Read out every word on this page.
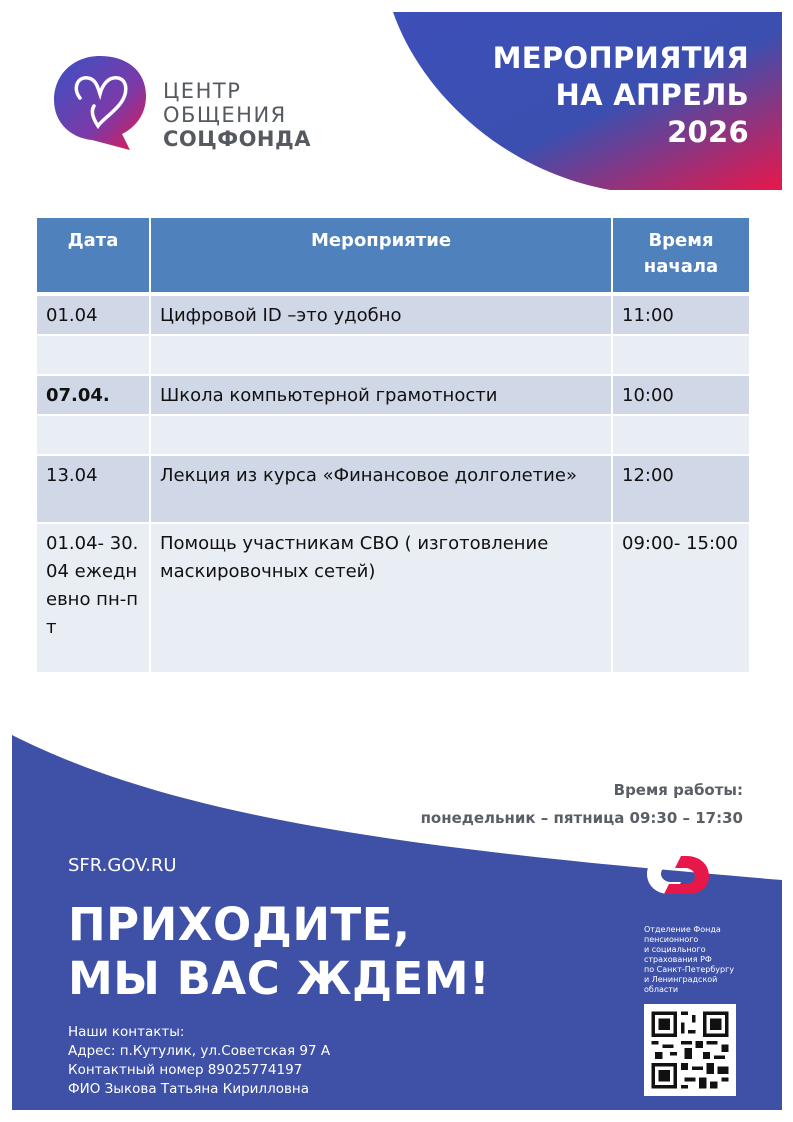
МЕРОПРИЯТИЯ
НА АПРЕЛЬ
2026
ЦЕНТР
ОБЩЕНИЯ
СОЦФОНДА
Дата	Мероприятие	Время начала
01.04	Цифровой ID –это удобно	11:00

07.04.	Школа компьютерной грамотности	10:00

13.04	Лекция из курса «Финансовое долголетие»	12:00
01.04- 30.04 ежедневно пн-пт	Помощь участникам СВО ( изготовление маскировочных сетей)	09:00- 15:00
Время работы:
понедельник – пятница 09:30 – 17:30
SFR.GOV.RU
ПРИХОДИТЕ,
МЫ ВАС ЖДЕМ!
Наши контакты:
Адрес: п.Кутулик, ул.Советская 97 А
Контактный номер 89025774197
ФИО Зыкова Татьяна Кирилловна
Отделение Фонда
пенсионного
и социального
страхования РФ
по Санкт-Петербургу
и Ленинградской
области
